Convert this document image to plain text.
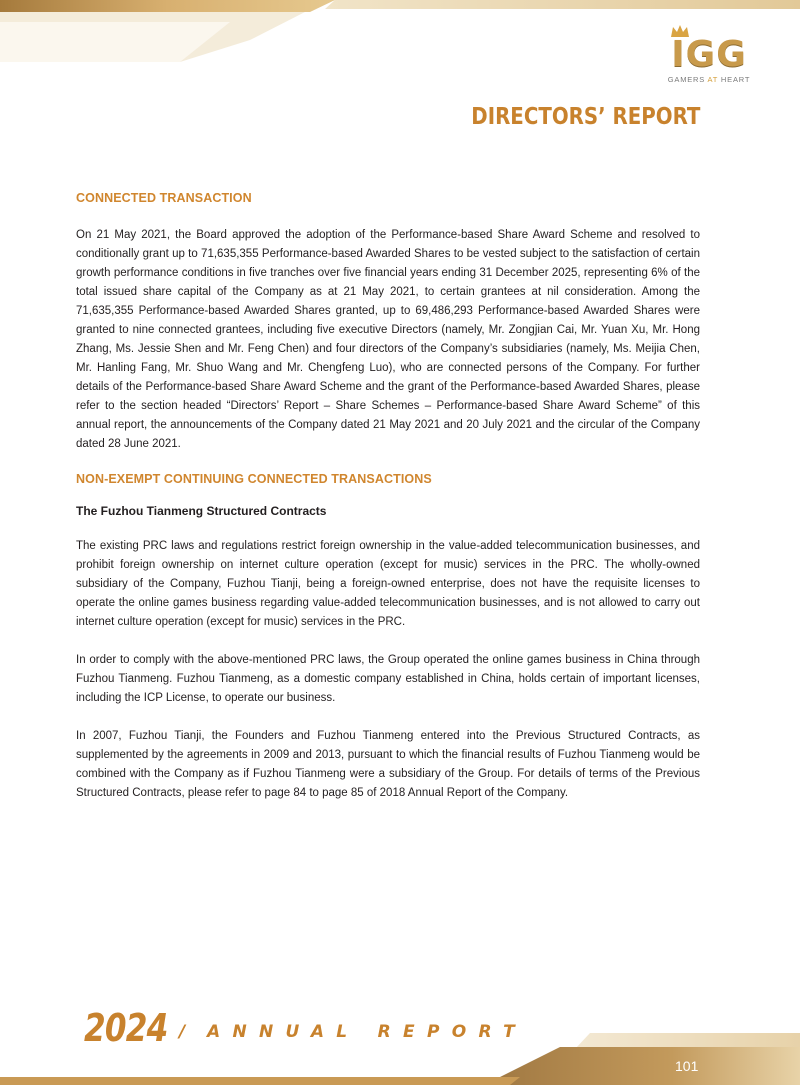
IGG
GAMERS AT HEART
DIRECTORS’ REPORT
CONNECTED TRANSACTION

On 21 May 2021, the Board approved the adoption of the Performance-based Share Award Scheme and resolved to conditionally grant up to 71,635,355 Performance-based Awarded Shares to be vested subject to the satisfaction of certain growth performance conditions in five tranches over five financial years ending 31 December 2025, representing 6% of the total issued share capital of the Company as at 21 May 2021, to certain grantees at nil consideration. Among the 71,635,355 Performance-based Awarded Shares granted, up to 69,486,293 Performance-based Awarded Shares were granted to nine connected grantees, including five executive Directors (namely, Mr. Zongjian Cai, Mr. Yuan Xu, Mr. Hong Zhang, Ms. Jessie Shen and Mr. Feng Chen) and four directors of the Company’s subsidiaries (namely, Ms. Meijia Chen, Mr. Hanling Fang, Mr. Shuo Wang and Mr. Chengfeng Luo), who are connected persons of the Company. For further details of the Performance-based Share Award Scheme and the grant of the Performance-based Awarded Shares, please refer to the section headed “Directors’ Report – Share Schemes – Performance-based Share Award Scheme” of this annual report, the announcements of the Company dated 21 May 2021 and 20 July 2021 and the circular of the Company dated 28 June 2021.

NON-EXEMPT CONTINUING CONNECTED TRANSACTIONS
The Fuzhou Tianmeng Structured Contracts

The existing PRC laws and regulations restrict foreign ownership in the value-added telecommunication businesses, and prohibit foreign ownership on internet culture operation (except for music) services in the PRC. The wholly-owned subsidiary of the Company, Fuzhou Tianji, being a foreign-owned enterprise, does not have the requisite licenses to operate the online games business regarding value-added telecommunication businesses, and is not allowed to carry out internet culture operation (except for music) services in the PRC.

In order to comply with the above-mentioned PRC laws, the Group operated the online games business in China through Fuzhou Tianmeng. Fuzhou Tianmeng, as a domestic company established in China, holds certain of important licenses, including the ICP License, to operate our business.

In 2007, Fuzhou Tianji, the Founders and Fuzhou Tianmeng entered into the Previous Structured Contracts, as supplemented by the agreements in 2009 and 2013, pursuant to which the financial results of Fuzhou Tianmeng would be combined with the Company as if Fuzhou Tianmeng were a subsidiary of the Group. For details of terms of the Previous Structured Contracts, please refer to page 84 to page 85 of 2018 Annual Report of the Company.

2024 / ANNUAL REPORT
101
